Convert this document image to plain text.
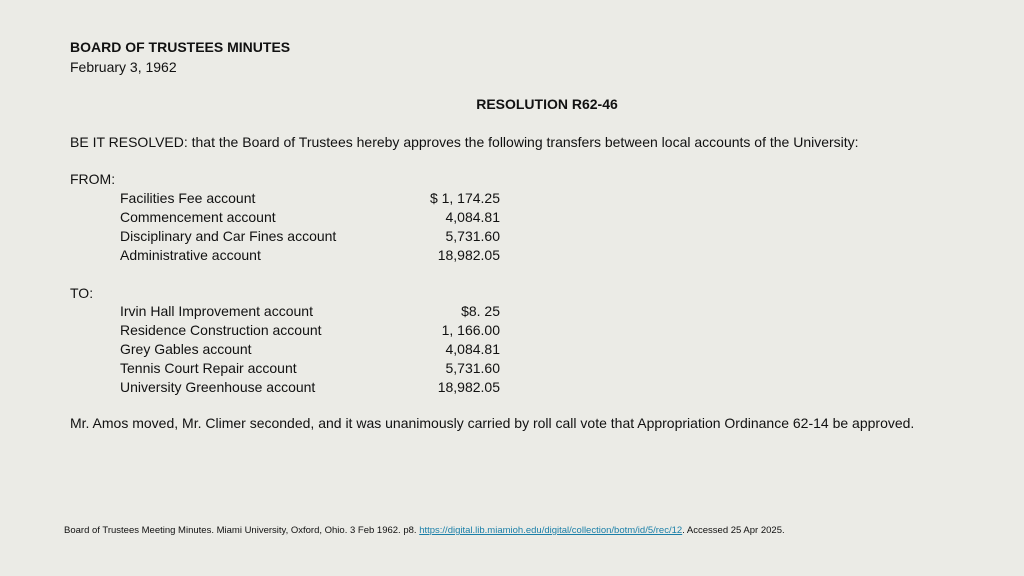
BOARD OF TRUSTEES MINUTES
February 3, 1962
RESOLUTION R62-46
BE IT RESOLVED: that the Board of Trustees hereby approves the following transfers between local accounts of the University:
FROM:
Facilities Fee account	$ 1, 174.25
Commencement account	4,084.81
Disciplinary and Car Fines account	5,731.60
Administrative account	18,982.05
TO:
Irvin Hall Improvement account	$8. 25
Residence Construction account	1, 166.00
Grey Gables account	4,084.81
Tennis Court Repair account	5,731.60
University Greenhouse account	18,982.05
Mr. Amos moved, Mr. Climer seconded, and it was unanimously carried by roll call vote that Appropriation Ordinance 62-14 be approved.
Board of Trustees Meeting Minutes. Miami University, Oxford, Ohio. 3 Feb 1962. p8. https://digital.lib.miamioh.edu/digital/collection/botm/id/5/rec/12. Accessed 25 Apr 2025.
